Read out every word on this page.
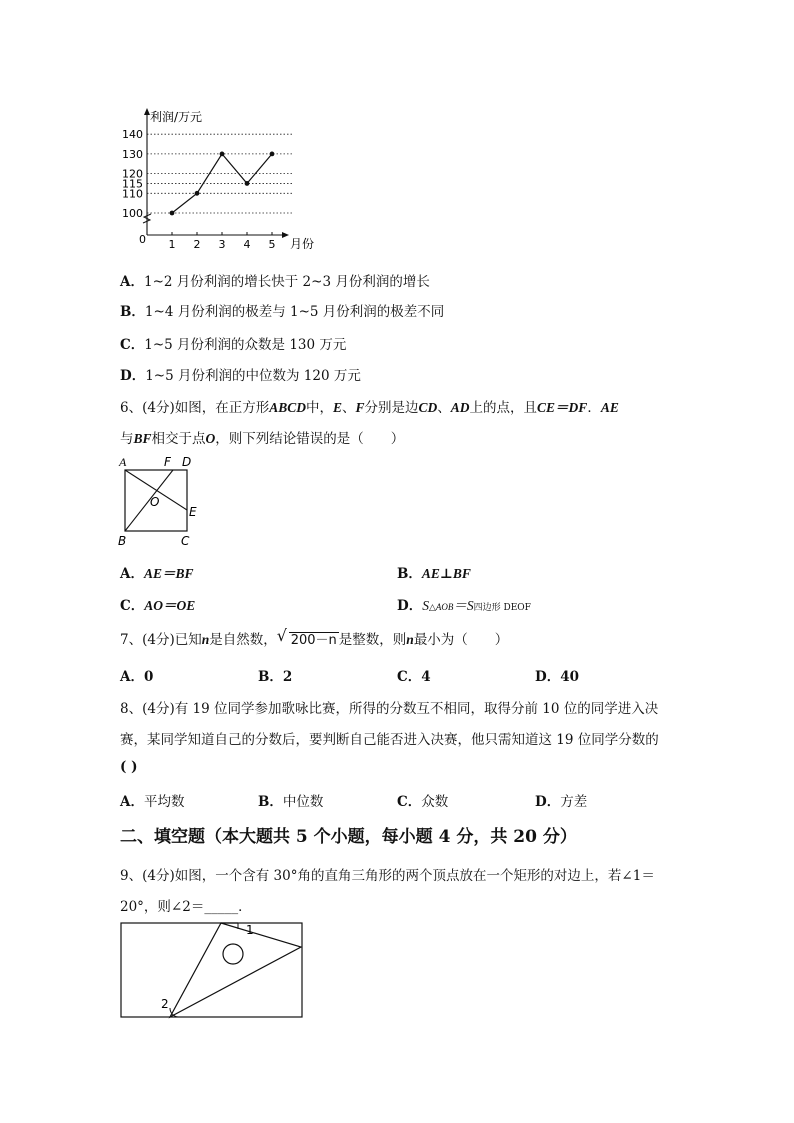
100
110
115
120
130
140
1 2 3 4 5
利润/万元
月份
0
A．1~2 月份利润的增长快于 2~3 月份利润的增长
B．1~4 月份利润的极差与 1~5 月份利润的极差不同
C．1~5 月份利润的众数是 130 万元
D．1~5 月份利润的中位数为 120 万元
6、(4分)如图，在正方形ABCD中，E、F分别是边CD、AD上的点，且CE＝DF．AE
与BF相交于点O，则下列结论错误的是（　　）
A	F D
O
E
B	C
A．AE＝BF	B．AE⊥BF
C．AO＝OE	D．S△AOB＝S四边形 DEOF
7、(4分)已知n是自然数， √ 200－n 是整数，则n最小为（　　）
A．0	B．2	C．4	D．40
8、(4分)有 19 位同学参加歌咏比赛，所得的分数互不相同，取得分前 10 位的同学进入决
赛，某同学知道自己的分数后，要判断自己能否进入决赛，他只需知道这 19 位同学分数的
( )
A．平均数	B．中位数	C．众数	D．方差
二、填空题（本大题共 5 个小题，每小题 4 分，共 20 分）
9、(4分)如图，一个含有 30°角的直角三角形的两个顶点放在一个矩形的对边上，若∠1＝
20°，则∠2＝_____．
1
2
